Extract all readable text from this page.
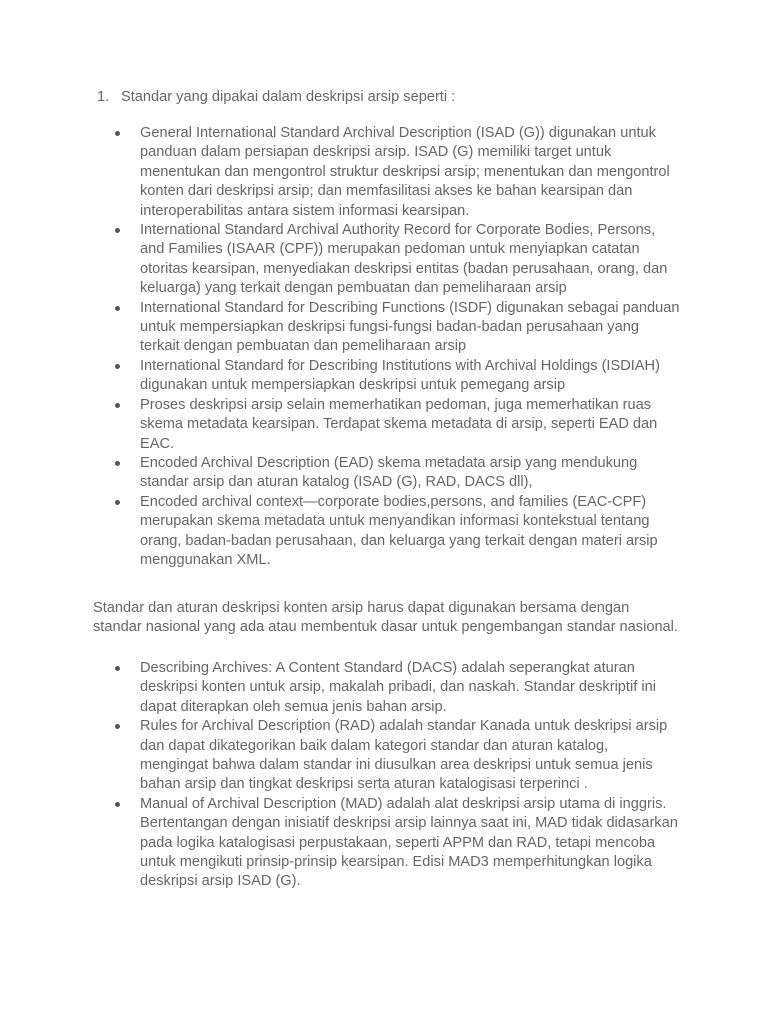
1. Standar yang dipakai dalam deskripsi arsip seperti :
General International Standard Archival Description (ISAD (G)) digunakan untuk panduan dalam persiapan deskripsi arsip. ISAD (G) memiliki target untuk menentukan dan mengontrol struktur deskripsi arsip; menentukan dan mengontrol konten dari deskripsi arsip; dan memfasilitasi akses ke bahan kearsipan dan interoperabilitas antara sistem informasi kearsipan.
International Standard Archival Authority Record for Corporate Bodies, Persons, and Families (ISAAR (CPF)) merupakan pedoman untuk menyiapkan catatan otoritas kearsipan, menyediakan deskripsi entitas (badan perusahaan, orang, dan keluarga) yang terkait dengan pembuatan dan pemeliharaan arsip
International Standard for Describing Functions (ISDF) digunakan sebagai panduan untuk mempersiapkan deskripsi fungsi-fungsi badan-badan perusahaan yang terkait dengan pembuatan dan pemeliharaan arsip
International Standard for Describing Institutions with Archival Holdings (ISDIAH) digunakan untuk mempersiapkan deskripsi untuk pemegang arsip
Proses deskripsi arsip selain memerhatikan pedoman, juga memerhatikan ruas skema metadata kearsipan. Terdapat skema metadata di arsip, seperti EAD dan EAC.
Encoded Archival Description (EAD) skema metadata arsip yang mendukung standar arsip dan aturan katalog (ISAD (G), RAD, DACS dll),
Encoded archival context—corporate bodies,persons, and families (EAC-CPF) merupakan skema metadata untuk menyandikan informasi kontekstual tentang orang, badan-badan perusahaan, dan keluarga yang terkait dengan materi arsip menggunakan XML.

Standar dan aturan deskripsi konten arsip harus dapat digunakan bersama dengan standar nasional yang ada atau membentuk dasar untuk pengembangan standar nasional.

Describing Archives: A Content Standard (DACS) adalah seperangkat aturan deskripsi konten untuk arsip, makalah pribadi, dan naskah. Standar deskriptif ini dapat diterapkan oleh semua jenis bahan arsip.
Rules for Archival Description (RAD) adalah standar Kanada untuk deskripsi arsip dan dapat dikategorikan baik dalam kategori standar dan aturan katalog, mengingat bahwa dalam standar ini diusulkan area deskripsi untuk semua jenis bahan arsip dan tingkat deskripsi serta aturan katalogisasi terperinci .
Manual of Archival Description (MAD) adalah alat deskripsi arsip utama di inggris. Bertentangan dengan inisiatif deskripsi arsip lainnya saat ini, MAD tidak didasarkan pada logika katalogisasi perpustakaan, seperti APPM dan RAD, tetapi mencoba untuk mengikuti prinsip-prinsip kearsipan. Edisi MAD3 memperhitungkan logika deskripsi arsip ISAD (G).
